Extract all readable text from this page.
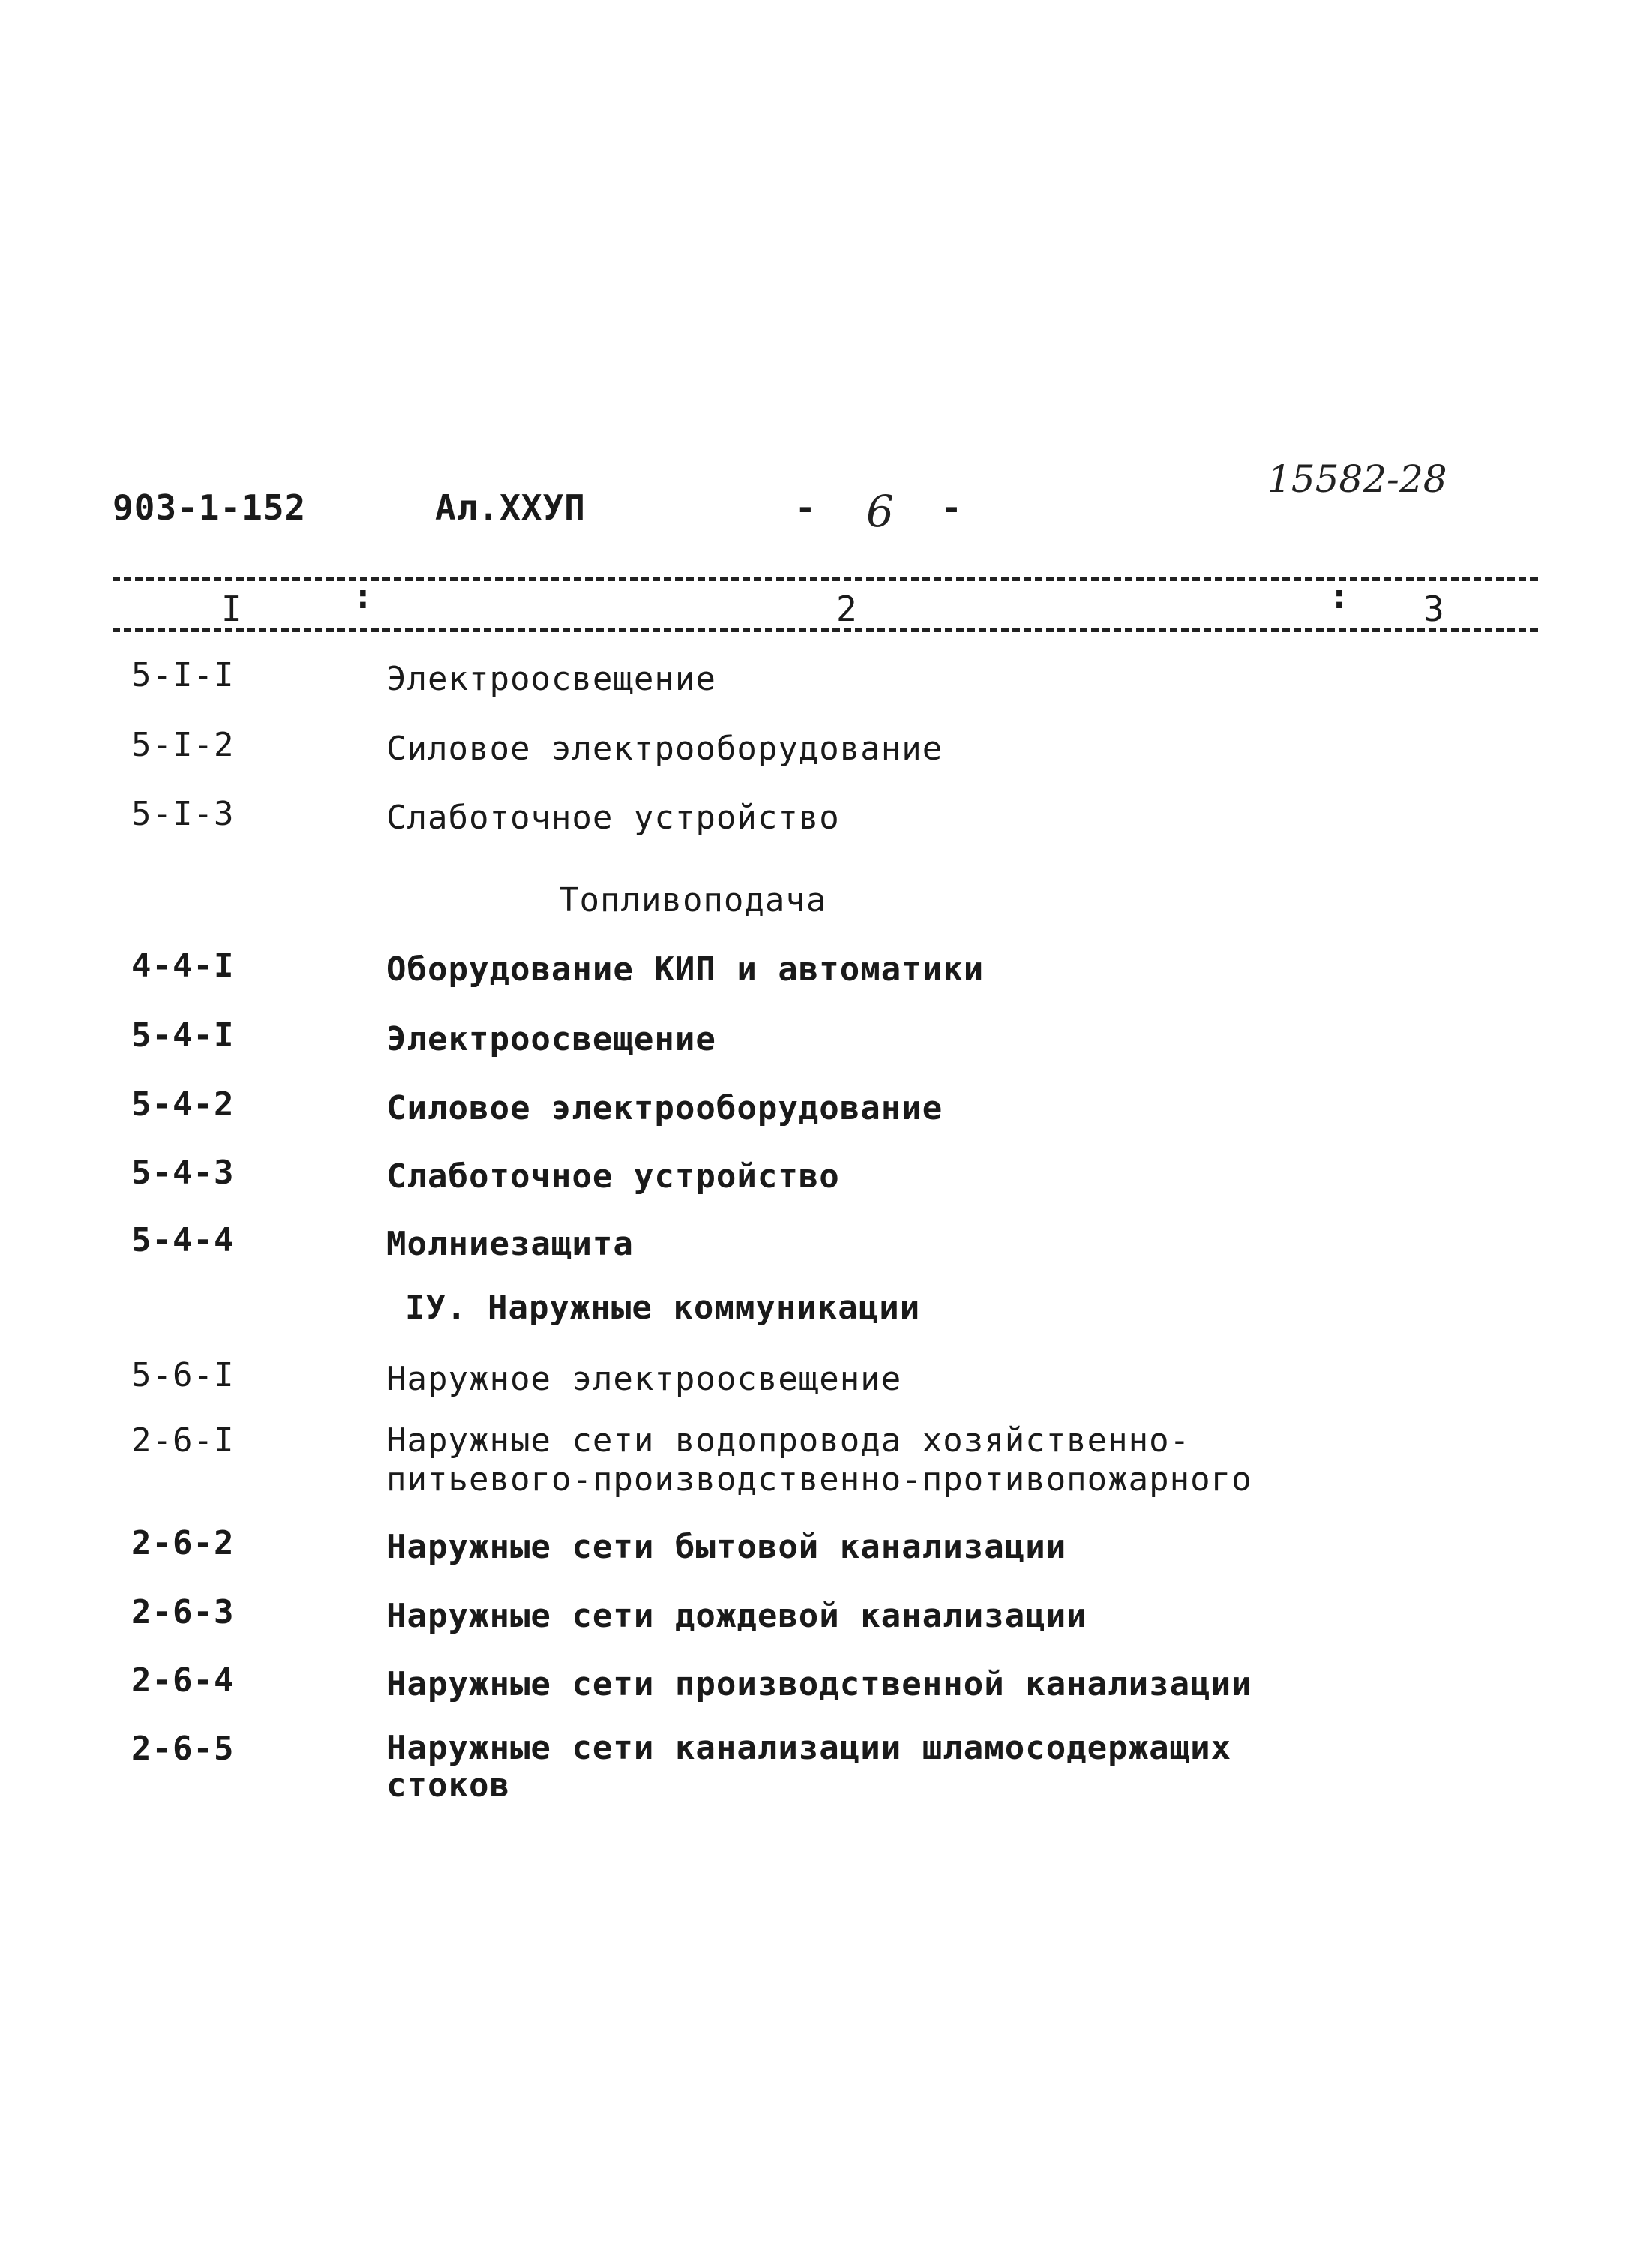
903-1-152	Ал.XXУП	- 6 -
15582-28
I	:	2	: 3
5-I-I	Электроосвещение
5-I-2	Силовое электрооборудование
5-I-3	Слаботочное устройство
Топливоподача
4-4-I	Оборудование КИП и автоматики
5-4-I	Электроосвещение
5-4-2	Силовое электрооборудование
5-4-3	Слаботочное устройство
5-4-4	Молниезащита
IУ. Наружные коммуникации
5-6-I	Наружное электроосвещение
2-6-I	Наружные сети водопровода хозяйственно-
питьевого-производственно-противопожарного
2-6-2	Наружные сети бытовой канализации
2-6-3	Наружные сети дождевой канализации
2-6-4	Наружные сети производственной канализации
2-6-5	Наружные сети канализации шламосодержащих
стоков
